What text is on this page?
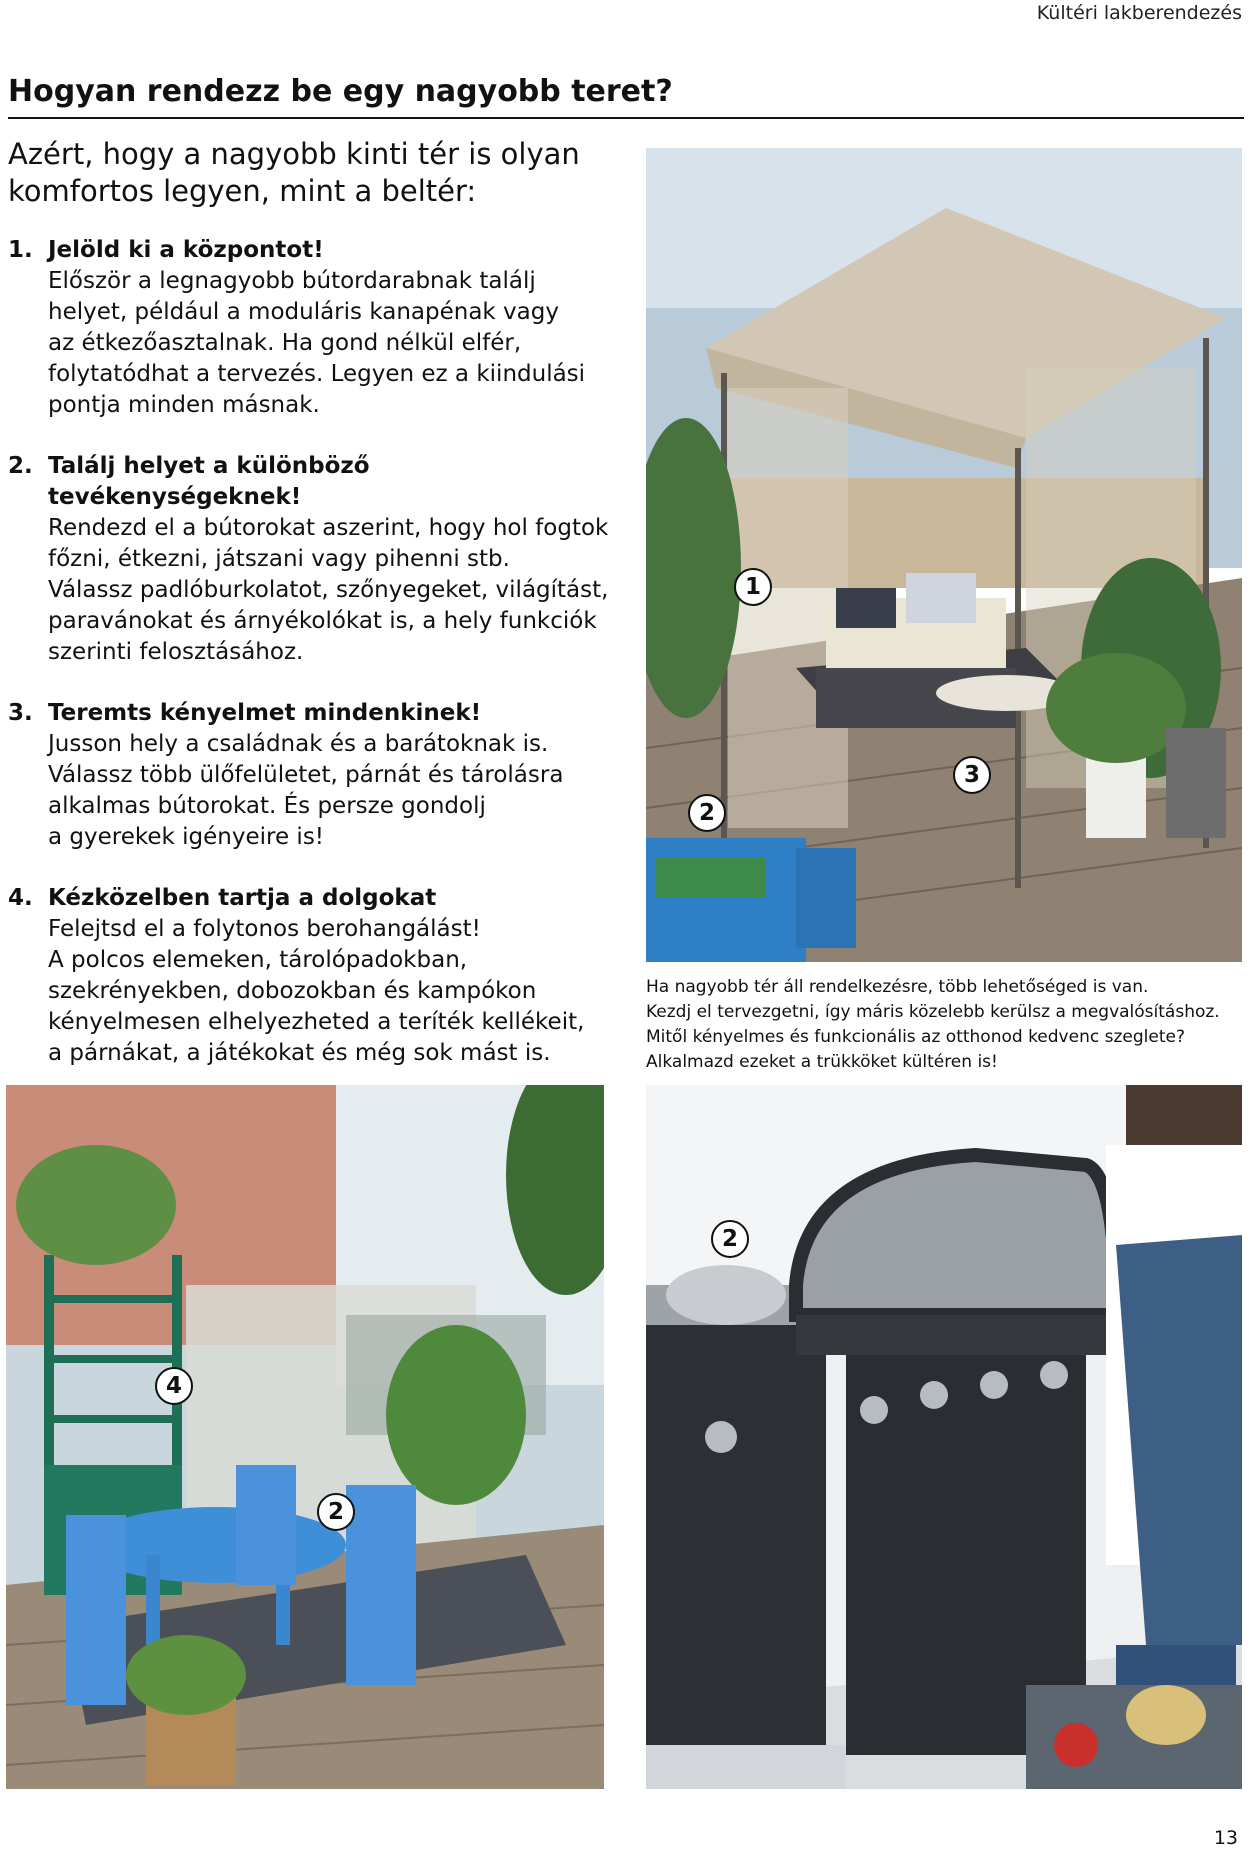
Kültéri lakberendezés
Hogyan rendezz be egy nagyobb teret?
Azért, hogy a nagyobb kinti tér is olyan
komfortos legyen, mint a beltér:
1. Jelöld ki a központot!
Először a legnagyobb bútordarabnak találj
helyet, például a moduláris kanapénak vagy
az étkezőasztalnak. Ha gond nélkül elfér,
folytatódhat a tervezés. Legyen ez a kiindulási
pontja minden másnak.
2. Találj helyet a különböző tevékenységeknek!
Rendezd el a bútorokat aszerint, hogy hol fogtok
főzni, étkezni, játszani vagy pihenni stb.
Válassz padlóburkolatot, szőnyegeket, világítást,
paravánokat és árnyékolókat is, a hely funkciók
szerinti felosztásához.
3. Teremts kényelmet mindenkinek!
Jusson hely a családnak és a barátoknak is.
Válassz több ülőfelületet, párnát és tárolásra
alkalmas bútorokat. És persze gondolj
a gyerekek igényeire is!
4. Kézközelben tartja a dolgokat
Felejtsd el a folytonos berohangálást!
A polcos elemeken, tárolópadokban,
szekrényekben, dobozokban és kampókon
kényelmesen elhelyezheted a teríték kellékeit,
a párnákat, a játékokat és még sok mást is.
1
2
3
Ha nagyobb tér áll rendelkezésre, több lehetőséged is van.
Kezdj el tervezgetni, így máris közelebb kerülsz a megvalósításhoz.
Mitől kényelmes és funkcionális az otthonod kedvenc szeglete?
Alkalmazd ezeket a trükköket kültéren is!
4
2
2
13
